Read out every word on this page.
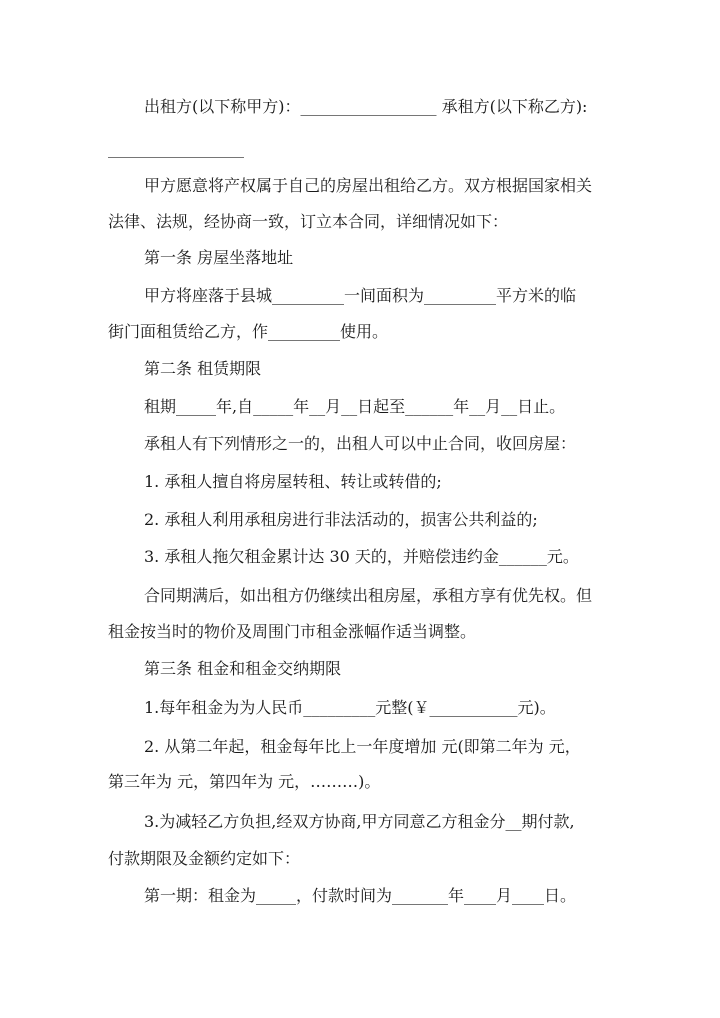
出租方(以下称甲方)：_________________ 承租方(以下称乙方):
_________________
甲方愿意将产权属于自己的房屋出租给乙方。双方根据国家相关
法律、法规，经协商一致，订立本合同，详细情况如下：
第一条 房屋坐落地址
甲方将座落于县城_________一间面积为_________平方米的临
街门面租赁给乙方，作_________使用。
第二条 租赁期限
租期_____年,自_____年__月__日起至______年__月__日止。
承租人有下列情形之一的，出租人可以中止合同，收回房屋：
1. 承租人擅自将房屋转租、转让或转借的;
2. 承租人利用承租房进行非法活动的，损害公共利益的;
3. 承租人拖欠租金累计达 30 天的，并赔偿违约金______元。
合同期满后，如出租方仍继续出租房屋，承租方享有优先权。但
租金按当时的物价及周围门市租金涨幅作适当调整。
第三条 租金和租金交纳期限
1.每年租金为为人民币_________元整(￥___________元)。
2. 从第二年起，租金每年比上一年度增加 元(即第二年为 元，
第三年为 元，第四年为 元，………)。
3.为减轻乙方负担,经双方协商,甲方同意乙方租金分__期付款,
付款期限及金额约定如下：
第一期：租金为_____，付款时间为_______年____月____日。
